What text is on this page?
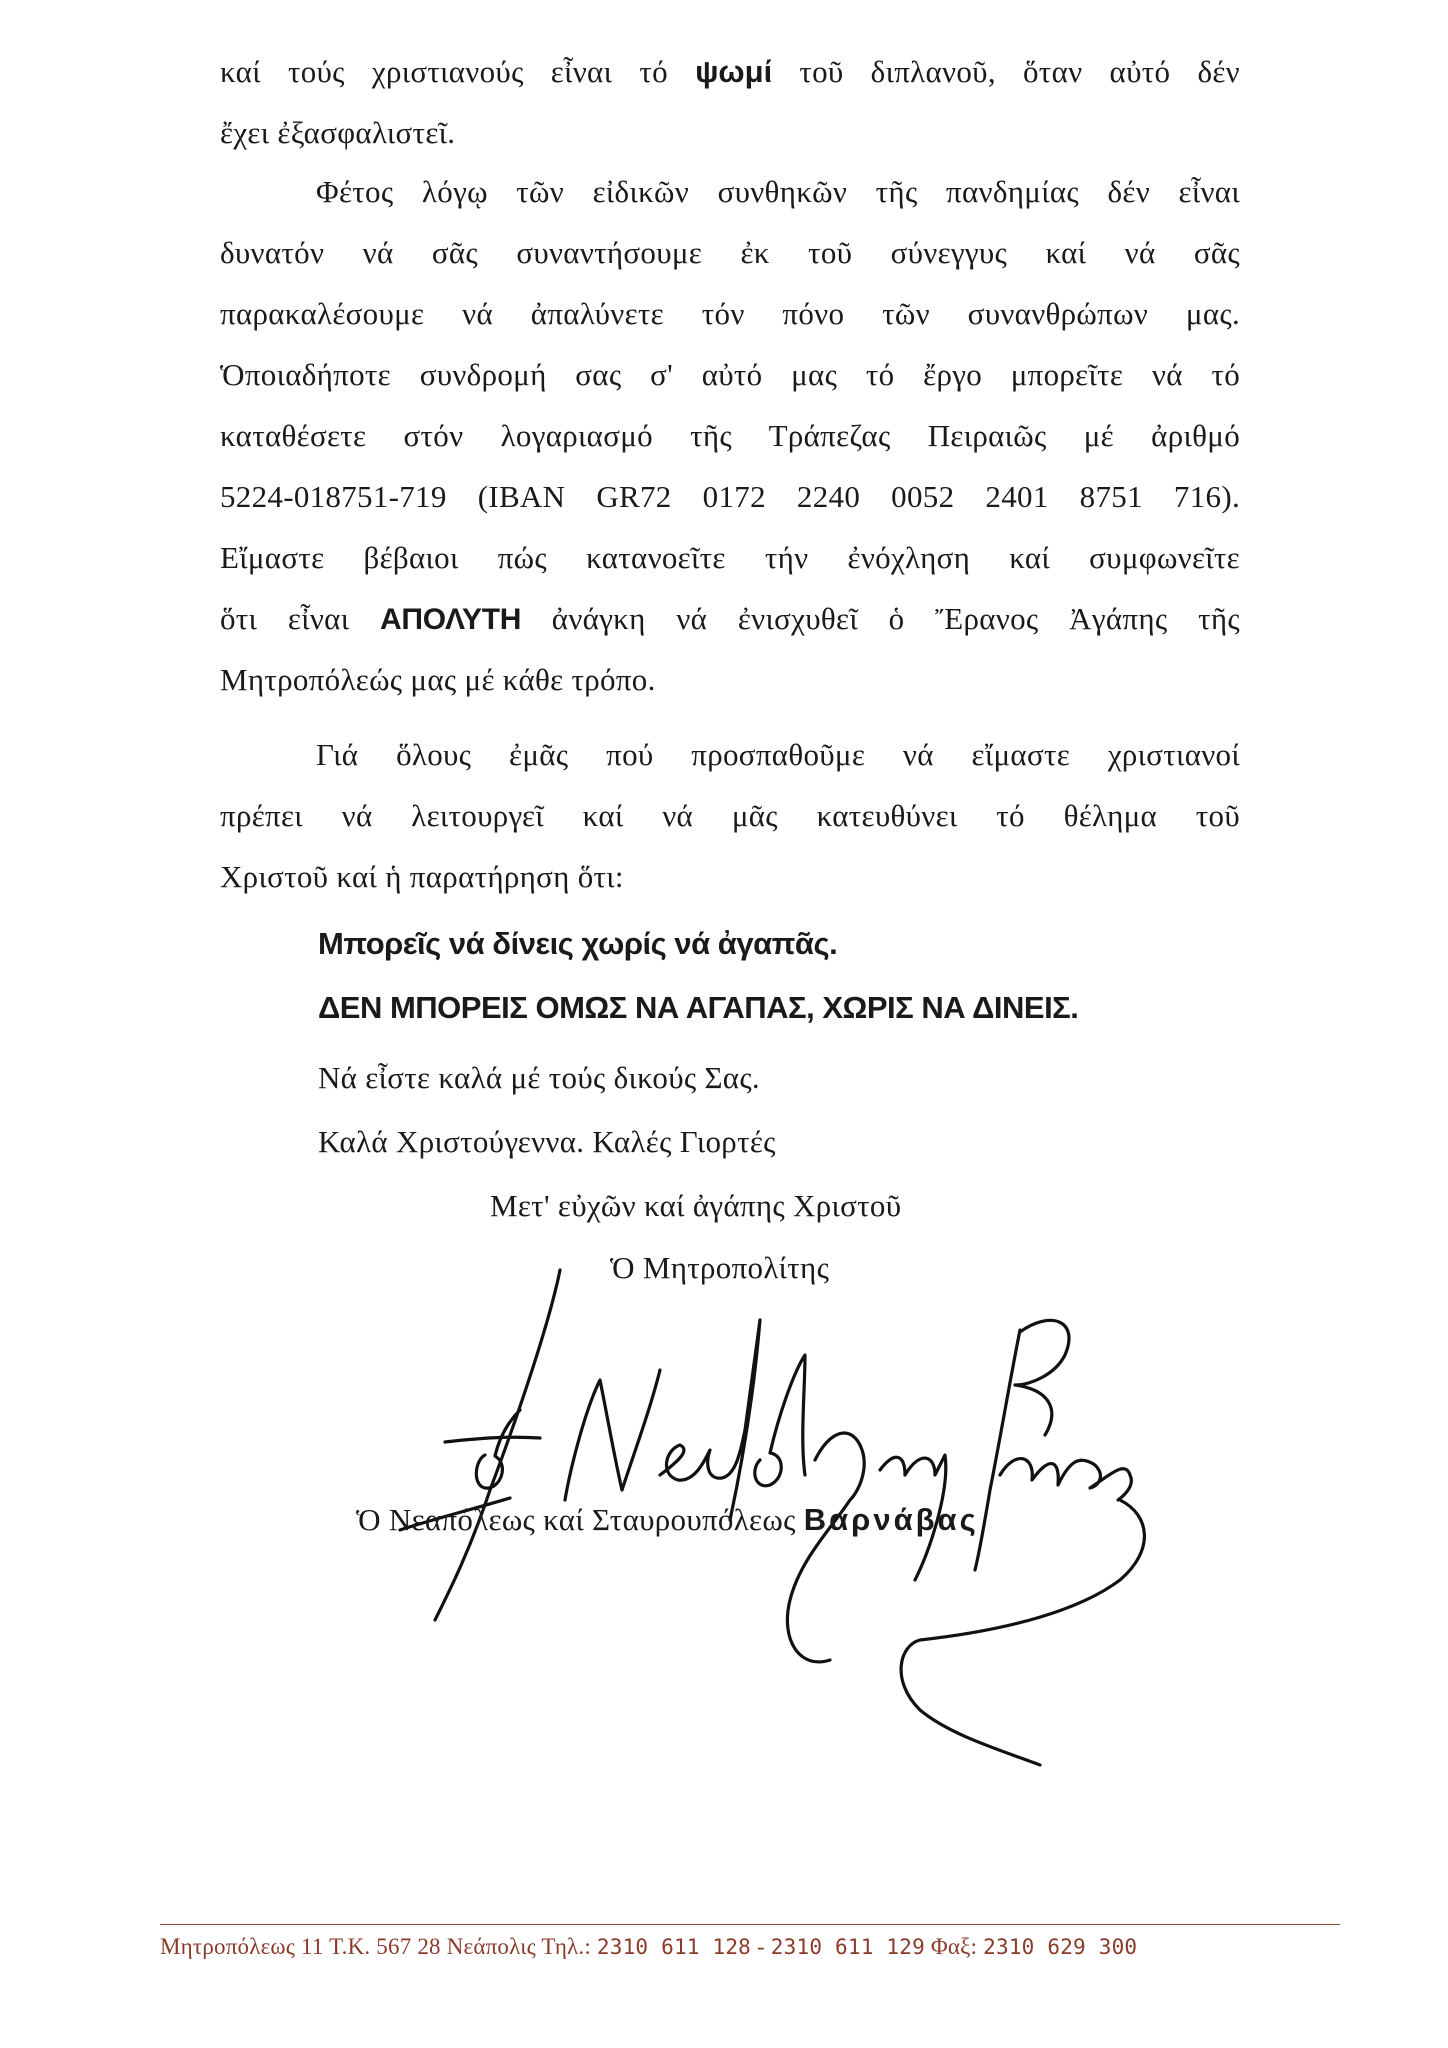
καί τούς χριστιανούς εἶναι τό ψωμί τοῦ διπλανοῦ, ὅταν αὐτό δέν
ἔχει ἐξασφαλιστεῖ.
Φέτος λόγῳ τῶν εἰδικῶν συνθηκῶν τῆς πανδημίας δέν εἶναι
δυνατόν νά σᾶς συναντήσουμε ἐκ τοῦ σύνεγγυς καί νά σᾶς
παρακαλέσουμε νά ἀπαλύνετε τόν πόνο τῶν συνανθρώπων μας.
Ὁποιαδήποτε συνδρομή σας σ' αὐτό μας τό ἔργο μπορεῖτε νά τό
καταθέσετε στόν λογαριασμό τῆς Τράπεζας Πειραιῶς μέ ἀριθμό
5224-018751-719 (IBAN GR72 0172 2240 0052 2401 8751 716).
Εἴμαστε βέβαιοι πώς κατανοεῖτε τήν ἐνόχληση καί συμφωνεῖτε
ὅτι εἶναι ΑΠΟΛΥΤΗ ἀνάγκη νά ἐνισχυθεῖ ὁ Ἔρανος Ἀγάπης τῆς
Μητροπόλεώς μας μέ κάθε τρόπο.
Γιά ὅλους ἐμᾶς πού προσπαθοῦμε νά εἴμαστε χριστιανοί
πρέπει νά λειτουργεῖ καί νά μᾶς κατευθύνει τό θέλημα τοῦ
Χριστοῦ καί ἡ παρατήρηση ὅτι:
Μπορεῖς νά δίνεις χωρίς νά ἀγαπᾶς.
ΔΕΝ ΜΠΟΡΕΙΣ ΟΜΩΣ ΝΑ ΑΓΑΠΑΣ, ΧΩΡΙΣ ΝΑ ΔΙΝΕΙΣ.
Νά εἶστε καλά μέ τούς δικούς Σας.
Καλά Χριστούγεννα. Καλές Γιορτές
Μετ' εὐχῶν καί ἀγάπης Χριστοῦ
Ὁ Μητροπολίτης
Ὁ Νεαπόλεως καί Σταυρουπόλεως Βαρνάβας
Μητροπόλεως 11 Τ.Κ. 567 28 Νεάπολις Τηλ.: 2310 611 128 - 2310 611 129 Φαξ: 2310 629 300
